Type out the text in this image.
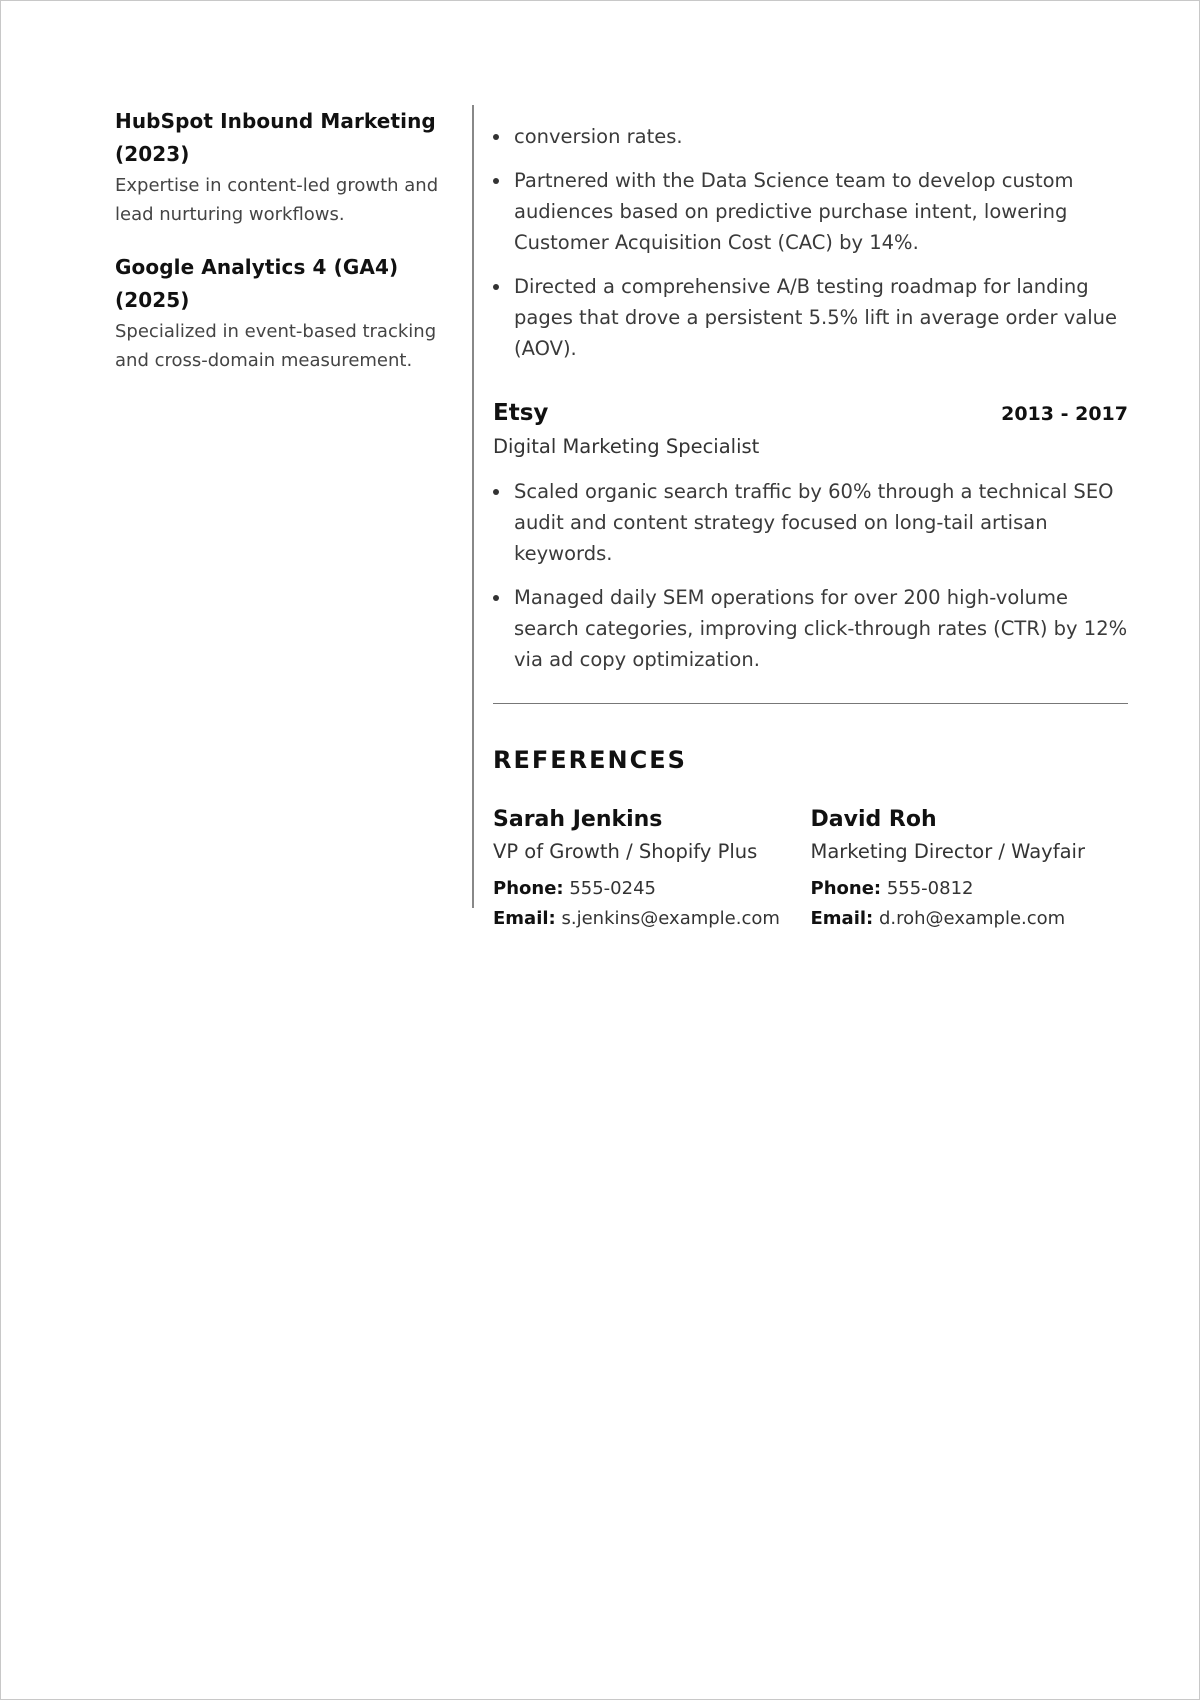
HubSpot Inbound Marketing (2023)
Expertise in content-led growth and lead nurturing workflows.
Google Analytics 4 (GA4) (2025)
Specialized in event-based tracking and cross-domain measurement.
conversion rates.
Partnered with the Data Science team to develop custom audiences based on predictive purchase intent, lowering Customer Acquisition Cost (CAC) by 14%.
Directed a comprehensive A/B testing roadmap for landing pages that drove a persistent 5.5% lift in average order value (AOV).
Etsy	2013 - 2017
Digital Marketing Specialist
Scaled organic search traffic by 60% through a technical SEO audit and content strategy focused on long-tail artisan keywords.
Managed daily SEM operations for over 200 high-volume search categories, improving click-through rates (CTR) by 12% via ad copy optimization.
REFERENCES
Sarah Jenkins
VP of Growth / Shopify Plus
Phone: 555-0245
Email: s.jenkins@example.com
David Roh
Marketing Director / Wayfair
Phone: 555-0812
Email: d.roh@example.com
